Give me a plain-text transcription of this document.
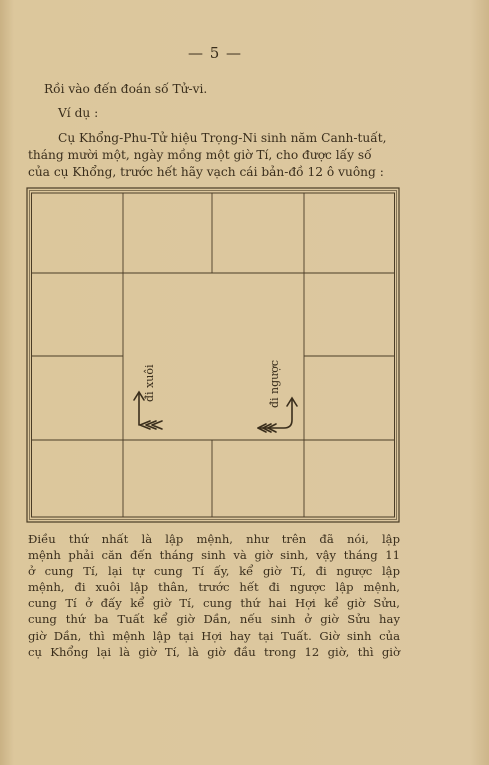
— 5 —
Rồi vào đến đoán số Tử-vi.
Ví dụ :
Cụ Khổng-Phu-Tử hiệu Trọng-Ni sinh năm Canh-tuất,
tháng mười một, ngày mồng một giờ Tí, cho được lấy số
của cụ Khổng, trước hết hãy vạch cái bản-đồ 12 ô vuông :
đi xuôi	đi ngược
Điều thứ nhất là lập mệnh, như trên đã nói, lập
mệnh phải căn đến tháng sinh và giờ sinh, vậy tháng 11
ở cung Tí, lại tự cung Tí ấy, kể giờ Tí, đi ngược lập
mệnh, đi xuôi lập thân, trước hết đi ngược lập mệnh,
cung Tí ở đấy kể giờ Tí, cung thứ hai Hợi kể giờ Sửu,
cung thứ ba Tuất kể giờ Dần, nếu sinh ở giờ Sửu hay
giờ Dần, thì mệnh lập tại Hợi hay tại Tuất. Giờ sinh của
cụ Khổng lại là giờ Tí, là giờ đầu trong 12 giờ, thì giờ
